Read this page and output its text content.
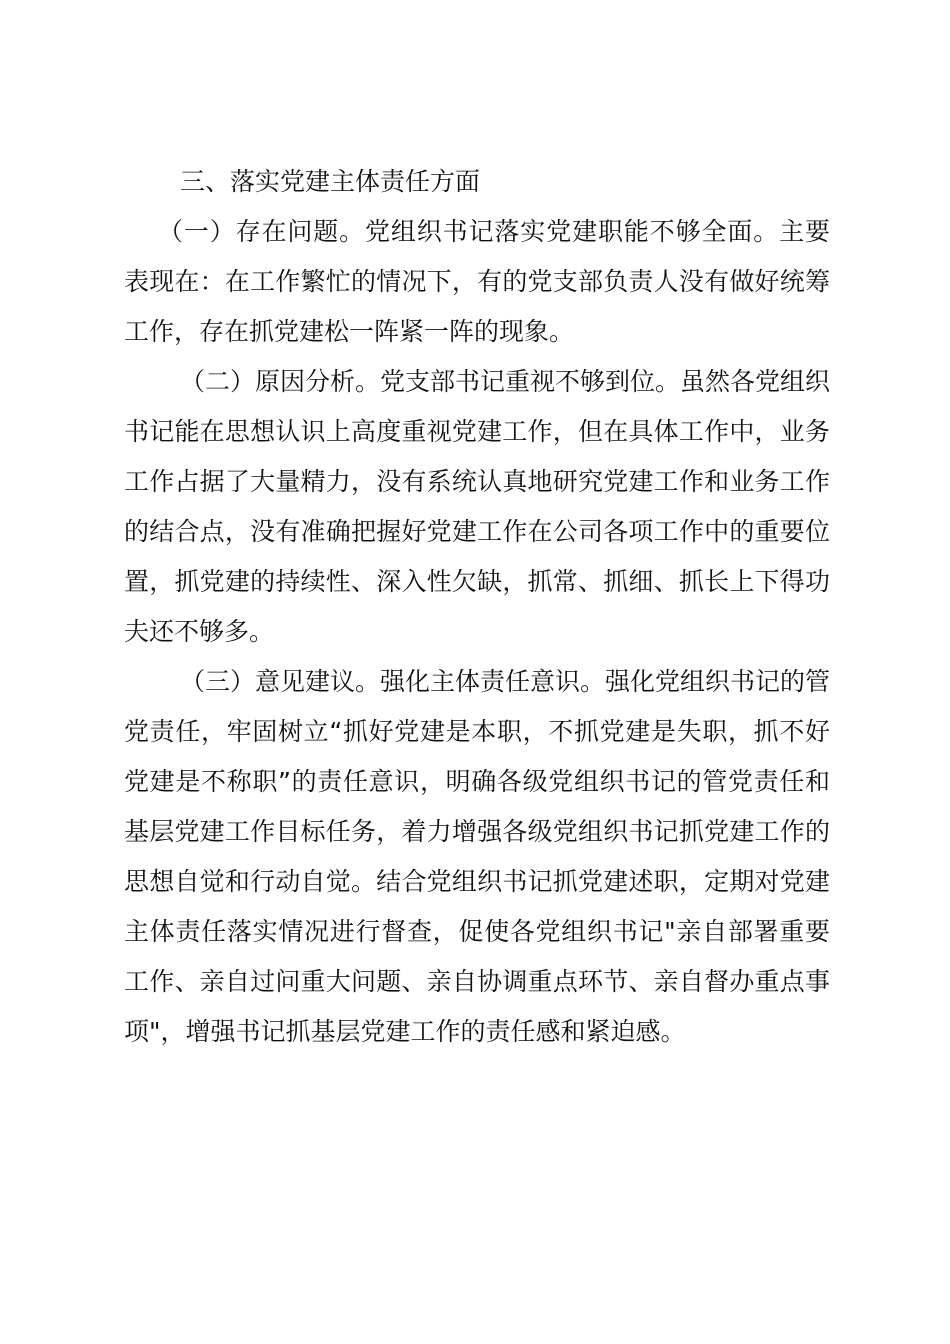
三、落实党建主体责任方面

（一）存在问题。党组织书记落实党建职能不够全面。主要表现在：在工作繁忙的情况下，有的党支部负责人没有做好统筹工作，存在抓党建松一阵紧一阵的现象。

（二）原因分析。党支部书记重视不够到位。虽然各党组织书记能在思想认识上高度重视党建工作，但在具体工作中，业务工作占据了大量精力，没有系统认真地研究党建工作和业务工作的结合点，没有准确把握好党建工作在公司各项工作中的重要位置，抓党建的持续性、深入性欠缺，抓常、抓细、抓长上下得功夫还不够多。

（三）意见建议。强化主体责任意识。强化党组织书记的管党责任，牢固树立“抓好党建是本职，不抓党建是失职，抓不好党建是不称职”的责任意识，明确各级党组织书记的管党责任和基层党建工作目标任务，着力增强各级党组织书记抓党建工作的思想自觉和行动自觉。结合党组织书记抓党建述职，定期对党建主体责任落实情况进行督查，促使各党组织书记"亲自部署重要工作、亲自过问重大问题、亲自协调重点环节、亲自督办重点事项"，增强书记抓基层党建工作的责任感和紧迫感。
